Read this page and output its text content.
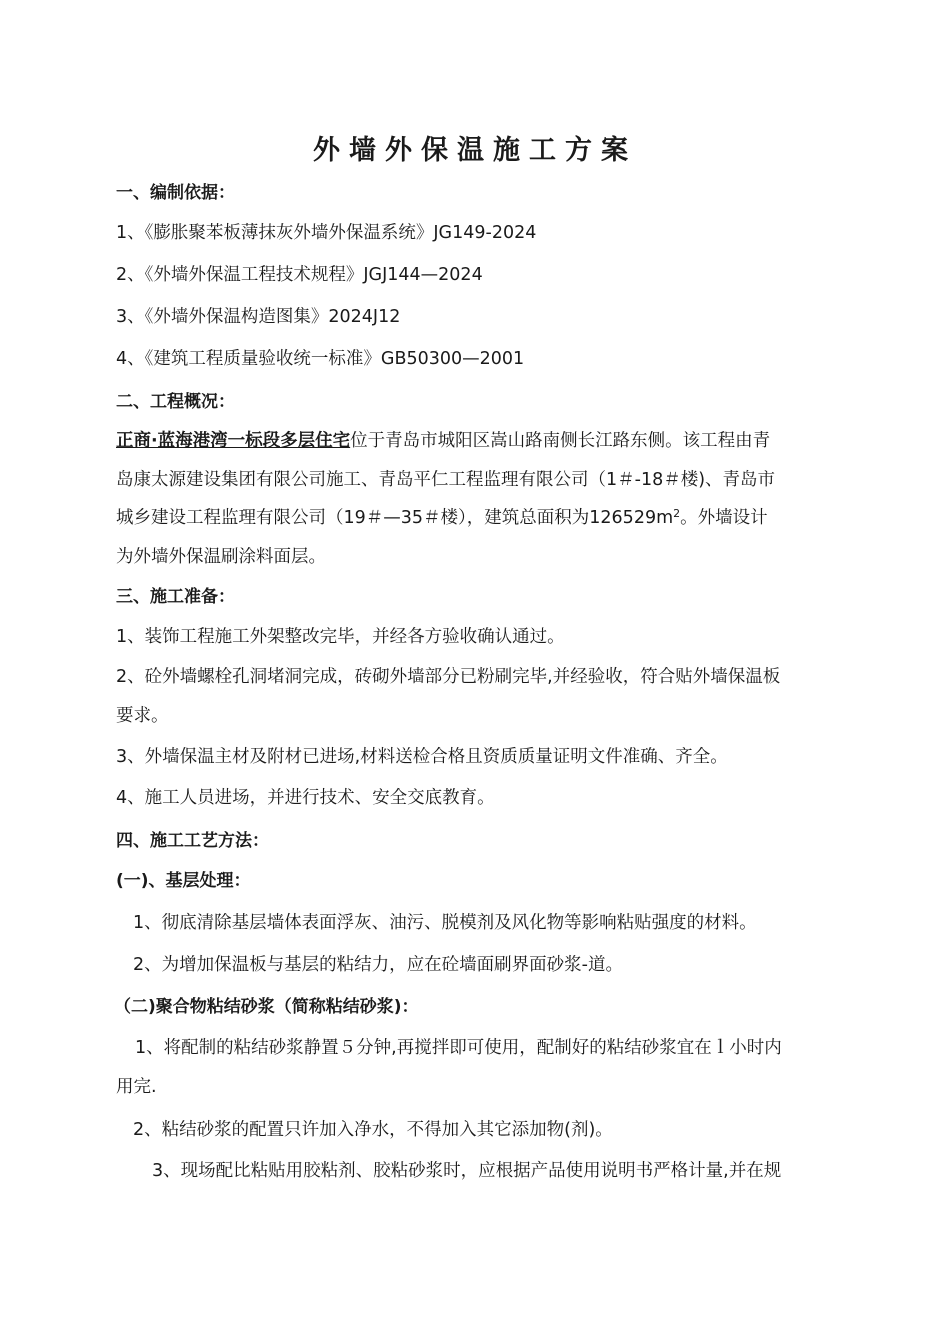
外墙外保温施工方案
一、编制依据：
1、《膨胀聚苯板薄抹灰外墙外保温系统》JG149-2024
2、《外墙外保温工程技术规程》JGJ144—2024
3、《外墙外保温构造图集》2024J12
4、《建筑工程质量验收统一标准》GB50300—2001
二、工程概况：
正商·蓝海港湾一标段多层住宅位于青岛市城阳区嵩山路南侧长江路东侧。该工程由青
岛康太源建设集团有限公司施工、青岛平仁工程监理有限公司（1＃-18＃楼)、青岛市
城乡建设工程监理有限公司（19＃—35＃楼），建筑总面积为$126529m^2$。外墙设计
为外墙外保温刷涂料面层。
三、施工准备：
1、装饰工程施工外架整改完毕，并经各方验收确认通过。
2、砼外墙螺栓孔洞堵洞完成，砖砌外墙部分已粉刷完毕,并经验收，符合贴外墙保温板
要求。
3、外墙保温主材及附材已进场,材料送检合格且资质质量证明文件准确、齐全。
4、施工人员进场，并进行技术、安全交底教育。
四、施工工艺方法：
(一)、基层处理：
1、彻底清除基层墙体表面浮灰、油污、脱模剂及风化物等影响粘贴强度的材料。
2、为增加保温板与基层的粘结力，应在砼墙面刷界面砂浆-道。
（二)聚合物粘结砂浆（简称粘结砂浆)：
1、将配制的粘结砂浆静置５分钟,再搅拌即可使用，配制好的粘结砂浆宜在ｌ小时内
用完.
2、粘结砂浆的配置只许加入净水，不得加入其它添加物(剂)。
3、现场配比粘贴用胶粘剂、胶粘砂浆时，应根据产品使用说明书严格计量,并在规
